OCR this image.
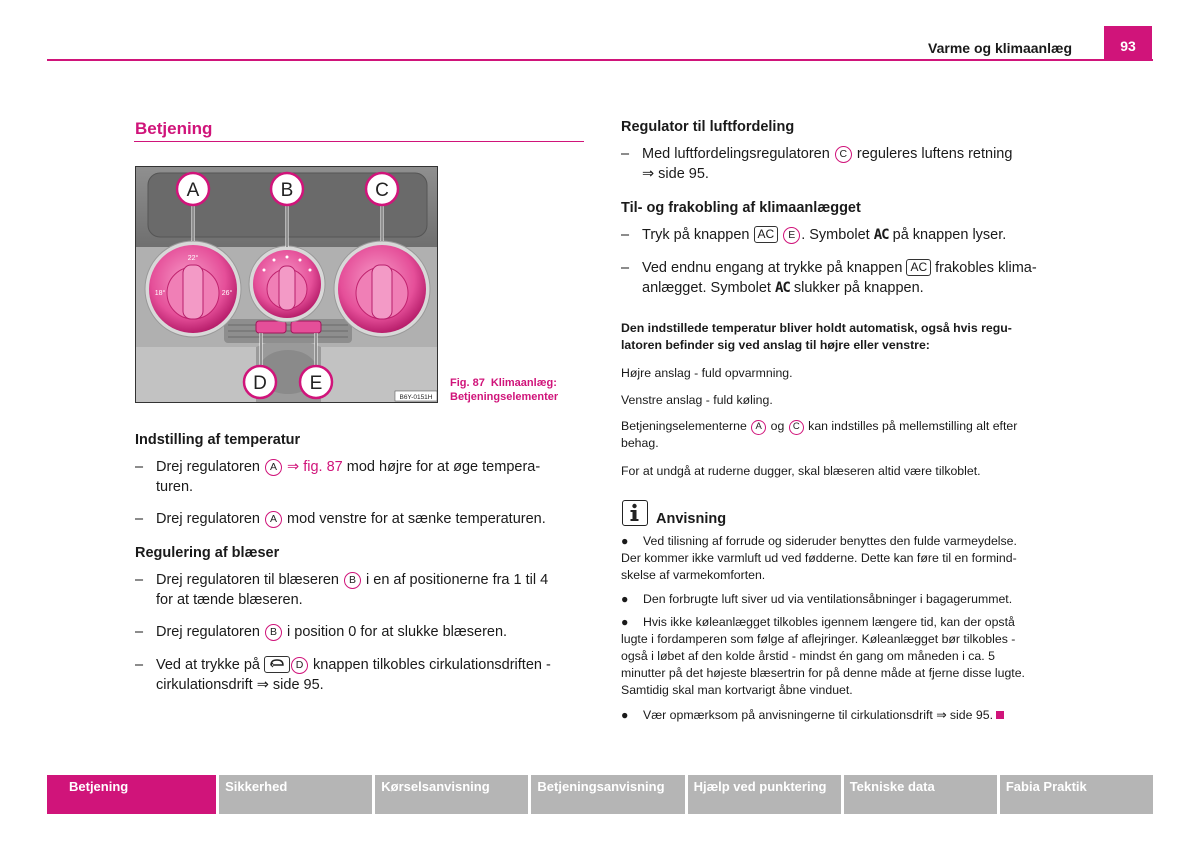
Varme og klimaanlæg	93
Betjening
22°
18°	26°
A	B	C
D E
B6Y-0151H
Fig. 87 Klimaanlæg:
Betjeningselementer
Indstilling af temperatur
– Drej regulatoren A ⇒ fig. 87 mod højre for at øge tempera-
turen.
– Drej regulatoren A mod venstre for at sænke temperaturen.
Regulering af blæser
– Drej regulatoren til blæseren B i en af positionerne fra 1 til 4
for at tænde blæseren.
– Drej regulatoren B i position 0 for at slukke blæseren.
– Ved at trykke på	D knappen tilkobles cirkulationsdriften -
cirkulationsdrift ⇒ side 95.
Regulator til luftfordeling
– Med luftfordelingsregulatoren C reguleres luftens retning
⇒ side 95.
Til- og frakobling af klimaanlægget
– Tryk på knappen AC E . Symbolet AC på knappen lyser.
– Ved endnu engang at trykke på knappen AC frakobles klima-
anlægget. Symbolet AC slukker på knappen.
Den indstillede temperatur bliver holdt automatisk, også hvis regu-
latoren befinder sig ved anslag til højre eller venstre:
Højre anslag - fuld opvarmning.
Venstre anslag - fuld køling.
Betjeningselementerne A og C kan indstilles på mellemstilling alt efter
behag.
For at undgå at ruderne dugger, skal blæseren altid være tilkoblet.
Anvisning
●	Ved tilisning af forrude og sideruder benyttes den fulde varmeydelse.
Der kommer ikke varmluft ud ved fødderne. Dette kan føre til en formind-
skelse af varmekomforten.
●	Den forbrugte luft siver ud via ventilationsåbninger i bagagerummet.
●	Hvis ikke køleanlægget tilkobles igennem længere tid, kan der opstå
lugte i fordamperen som følge af aflejringer. Køleanlægget bør tilkobles -
også i løbet af den kolde årstid - mindst én gang om måneden i ca. 5
minutter på det højeste blæsertrin for på denne måde at fjerne disse lugte.
Samtidig skal man kortvarigt åbne vinduet.
●	Vær opmærksom på anvisningerne til cirkulationsdrift ⇒ side 95.
Betjening	Sikkerhed	Kørselsanvisning	Betjeningsanvisning	Hjælp ved punktering	Tekniske data	Fabia Praktik
